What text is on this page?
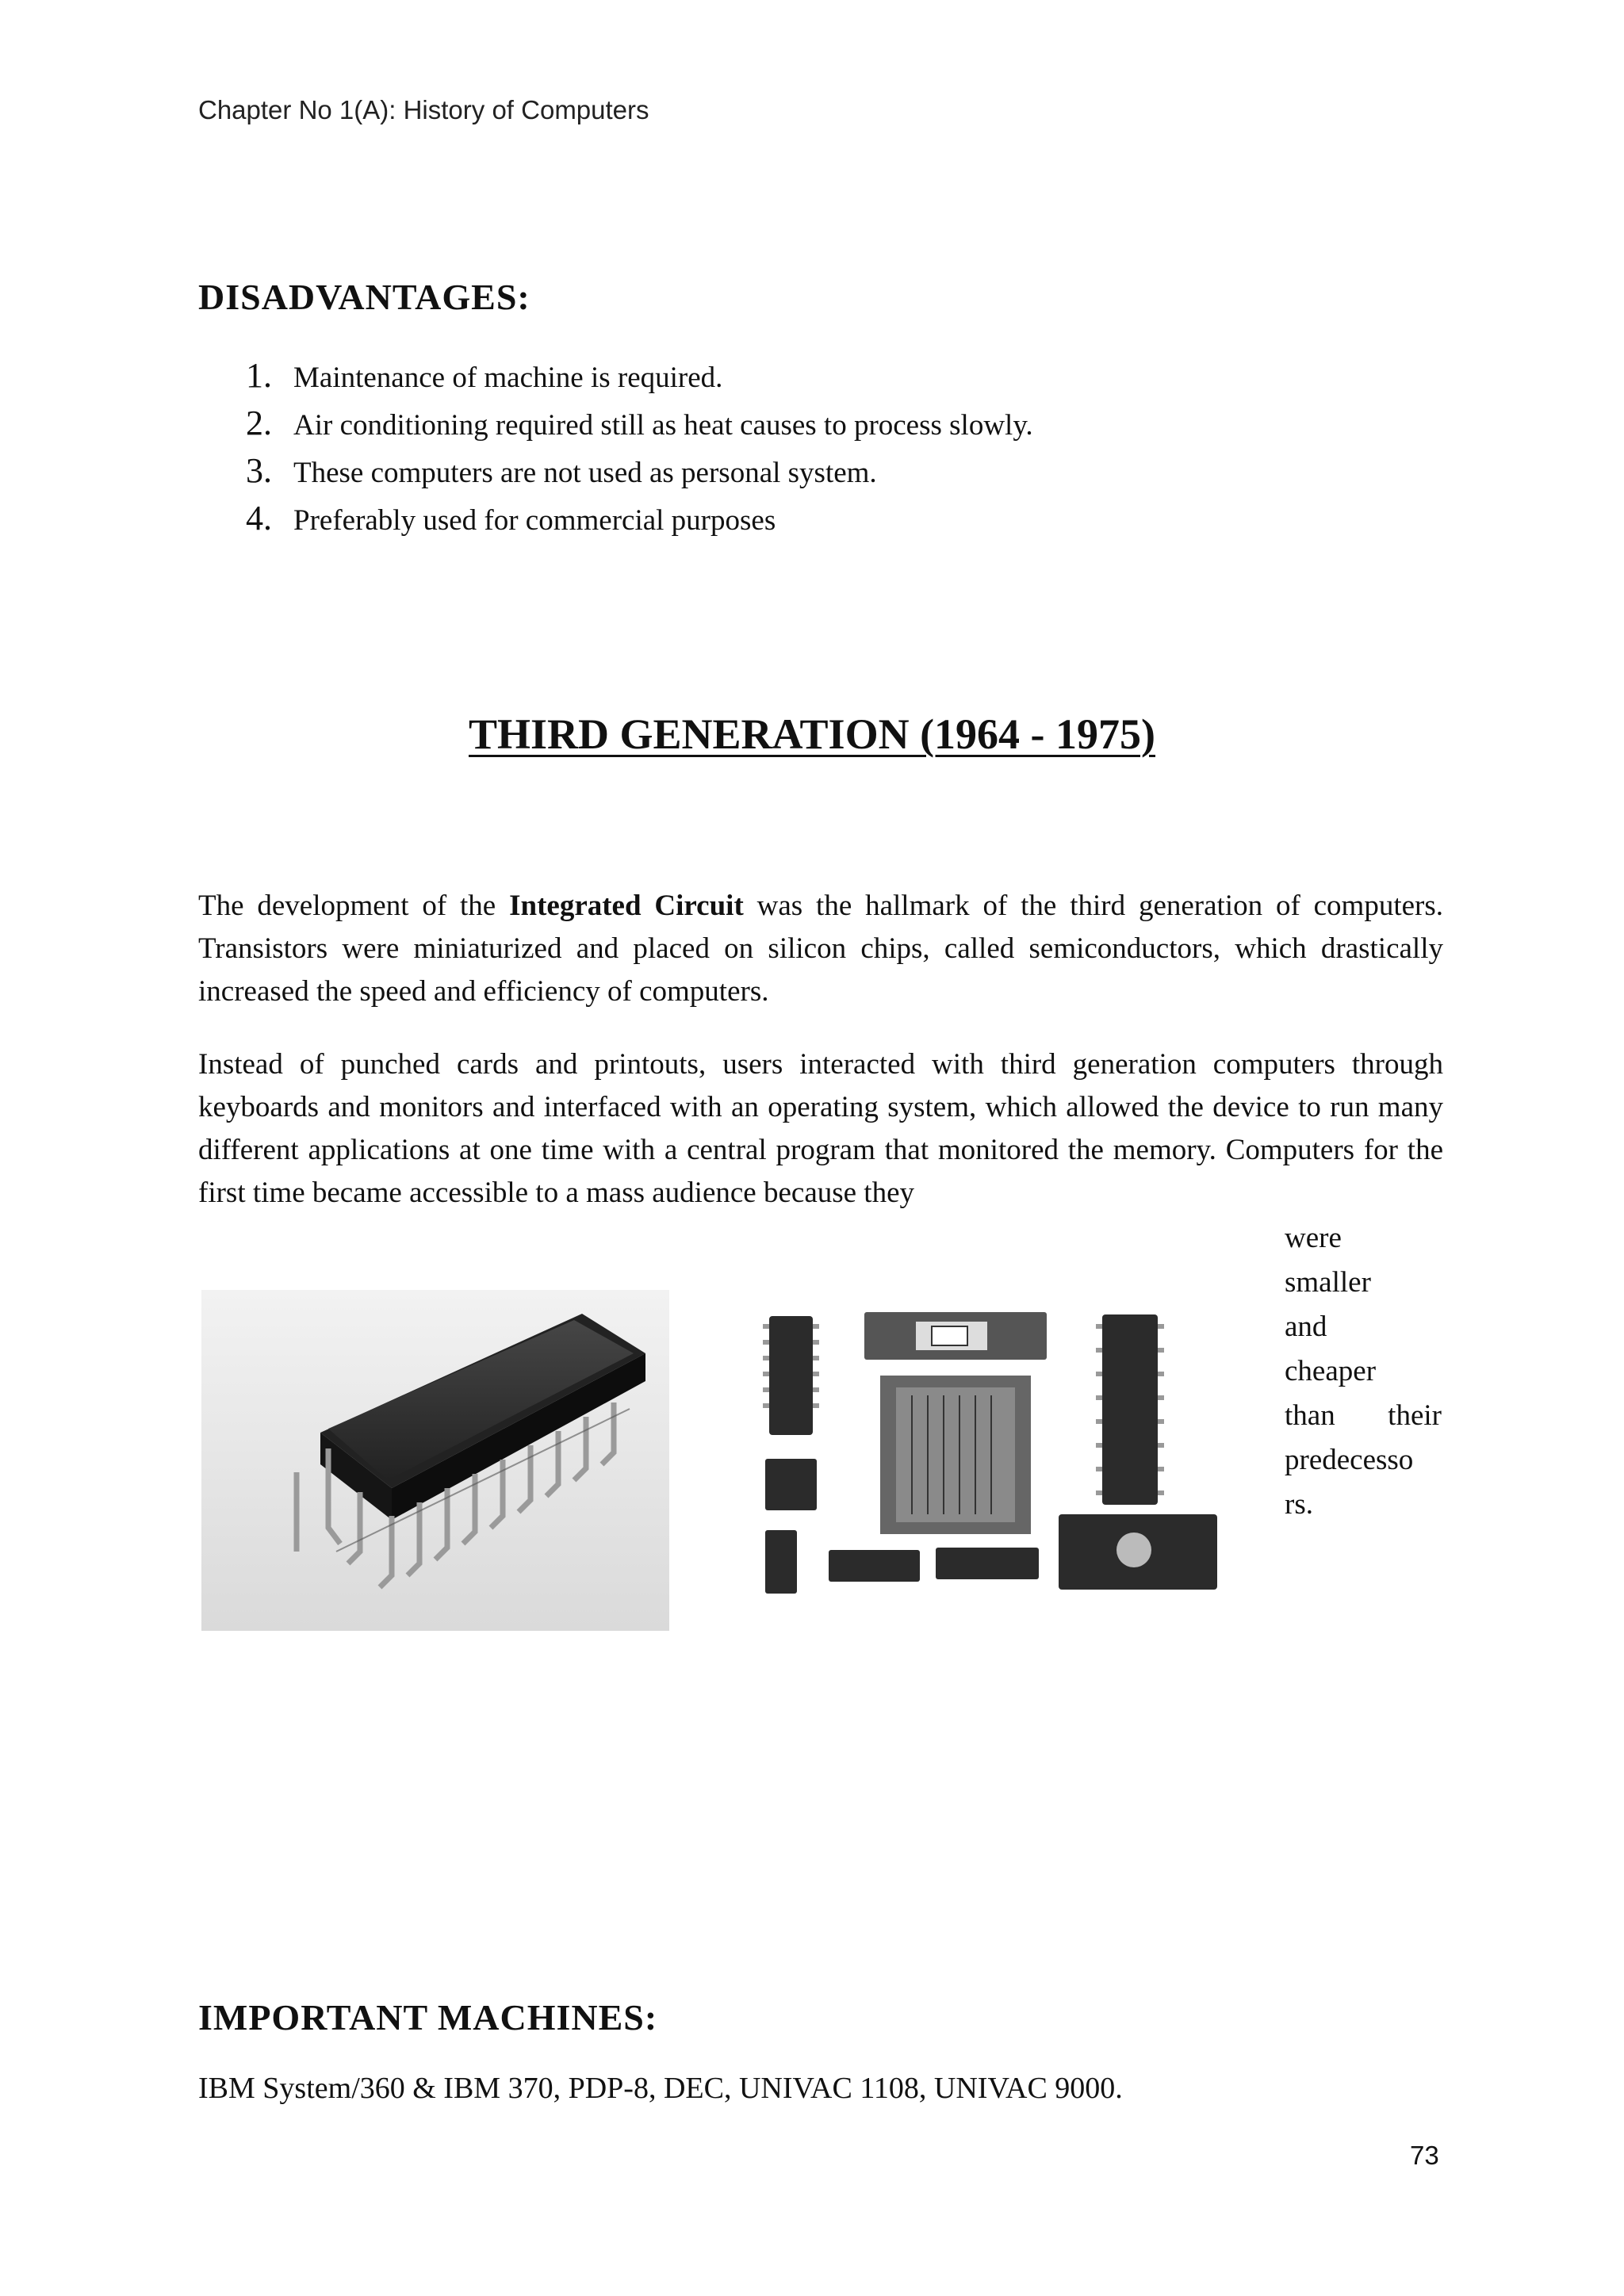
Chapter No 1(A): History of Computers
DISADVANTAGES:
1. Maintenance of machine is required.
2. Air conditioning required still as heat causes to process slowly.
3. These computers are not used as personal system.
4. Preferably used for commercial purposes
THIRD GENERATION (1964 - 1975)
The development of the Integrated Circuit was the hallmark of the third generation of computers. Transistors were miniaturized and placed on silicon chips, called semiconductors, which drastically increased the speed and efficiency of computers.
Instead of punched cards and printouts, users interacted with third generation computers through keyboards and monitors and interfaced with an operating system, which allowed the device to run many different applications at one time with a central program that monitored the memory. Computers for the first time became accessible to a mass audience because they
were
smaller
and
cheaper
than their
predecesso
rs.
IMPORTANT MACHINES:
IBM System/360 & IBM 370, PDP-8, DEC, UNIVAC 1108, UNIVAC 9000.
73
